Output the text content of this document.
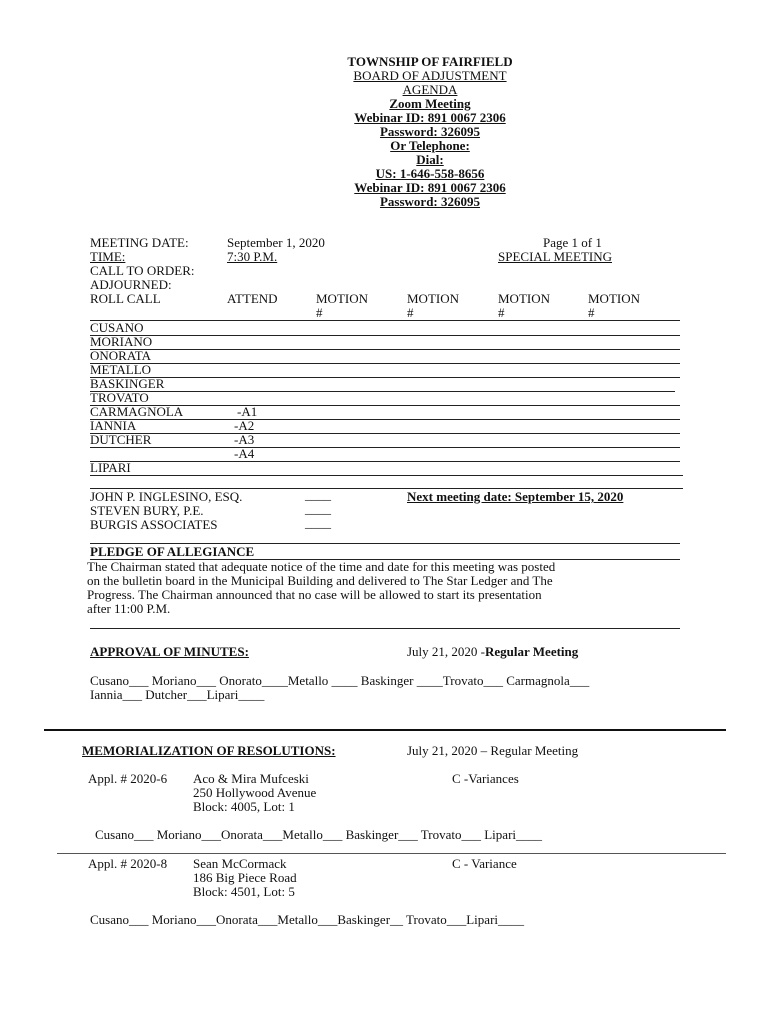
TOWNSHIP OF FAIRFIELD
BOARD OF ADJUSTMENT
AGENDA
Zoom Meeting
Webinar ID: 891 0067 2306
Password: 326095
Or Telephone:
Dial:
US: 1-646-558-8656
Webinar ID: 891 0067 2306
Password: 326095
MEETING DATE:	September 1, 2020	Page 1 of 1
TIME:	7:30 P.M.	SPECIAL MEETING
CALL TO ORDER:
ADJOURNED:
ROLL CALL	ATTEND	MOTION	MOTION	MOTION	MOTION
#	#	#	#
CUSANO
MORIANO
ONORATA
METALLO
BASKINGER
TROVATO
CARMAGNOLA	-A1
IANNIA	-A2
DUTCHER	-A3
-A4
LIPARI
JOHN P. INGLESINO, ESQ.	____	Next meeting date: September 15, 2020
STEVEN BURY, P.E.	____
BURGIS ASSOCIATES	____
PLEDGE OF ALLEGIANCE
The Chairman stated that adequate notice of the time and date for this meeting was posted
on the bulletin board in the Municipal Building and delivered to The Star Ledger and The
Progress. The Chairman announced that no case will be allowed to start its presentation
after 11:00 P.M.
APPROVAL OF MINUTES:	July 21, 2020 -Regular Meeting
Cusano___ Moriano___ Onorato____Metallo ____ Baskinger ____Trovato___ Carmagnola___
Iannia___ Dutcher___Lipari____
MEMORIALIZATION OF RESOLUTIONS:	July 21, 2020 – Regular Meeting
Appl. # 2020-6 Aco & Mira Mufceski
250 Hollywood Avenue
Block: 4005, Lot: 1
C -Variances
Cusano___ Moriano___Onorata___Metallo___ Baskinger___ Trovato___ Lipari____
Appl. # 2020-8 Sean McCormack
186 Big Piece Road
Block: 4501, Lot: 5
C - Variance
Cusano___ Moriano___Onorata___Metallo___Baskinger__ Trovato___Lipari____
